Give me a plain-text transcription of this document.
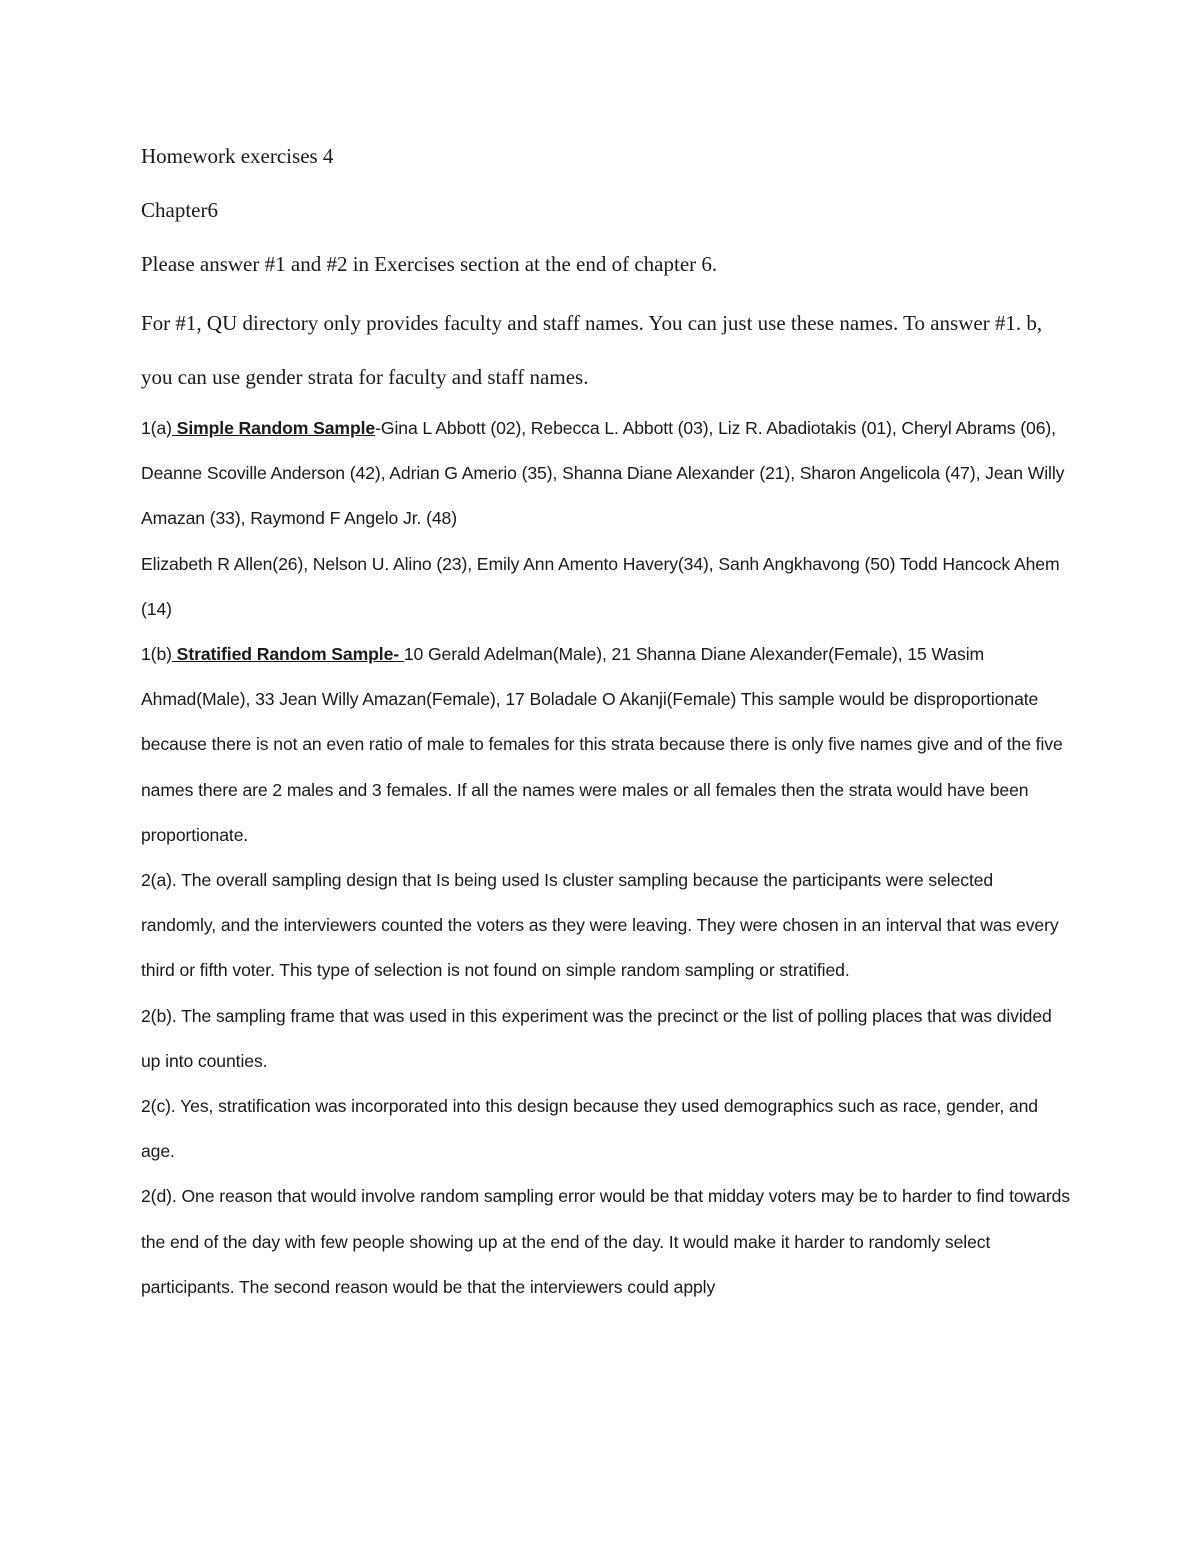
Homework exercises 4

Chapter6

Please answer #1 and #2 in Exercises section at the end of chapter 6.

For #1, QU directory only provides faculty and staff names. You can just use these names. To answer #1. b, you can use gender strata for faculty and staff names.

1(a) Simple Random Sample-Gina L Abbott (02), Rebecca L. Abbott (03), Liz R. Abadiotakis (01), Cheryl Abrams (06), Deanne Scoville Anderson (42), Adrian G Amerio (35), Shanna Diane Alexander (21), Sharon Angelicola (47), Jean Willy Amazan (33), Raymond F Angelo Jr. (48)

Elizabeth R Allen(26), Nelson U. Alino (23), Emily Ann Amento Havery(34), Sanh Angkhavong (50) Todd Hancock Ahem (14)

1(b) Stratified Random Sample- 10 Gerald Adelman(Male), 21 Shanna Diane Alexander(Female), 15 Wasim Ahmad(Male), 33 Jean Willy Amazan(Female), 17 Boladale O Akanji(Female) This sample would be disproportionate because there is not an even ratio of male to females for this strata because there is only five names give and of the five names there are 2 males and 3 females. If all the names were males or all females then the strata would have been proportionate.

2(a). The overall sampling design that Is being used Is cluster sampling because the participants were selected randomly, and the interviewers counted the voters as they were leaving. They were chosen in an interval that was every third or fifth voter. This type of selection is not found on simple random sampling or stratified.

2(b). The sampling frame that was used in this experiment was the precinct or the list of polling places that was divided up into counties.

2(c). Yes, stratification was incorporated into this design because they used demographics such as race, gender, and age.

2(d). One reason that would involve random sampling error would be that midday voters may be to harder to find towards the end of the day with few people showing up at the end of the day. It would make it harder to randomly select participants. The second reason would be that the interviewers could apply
